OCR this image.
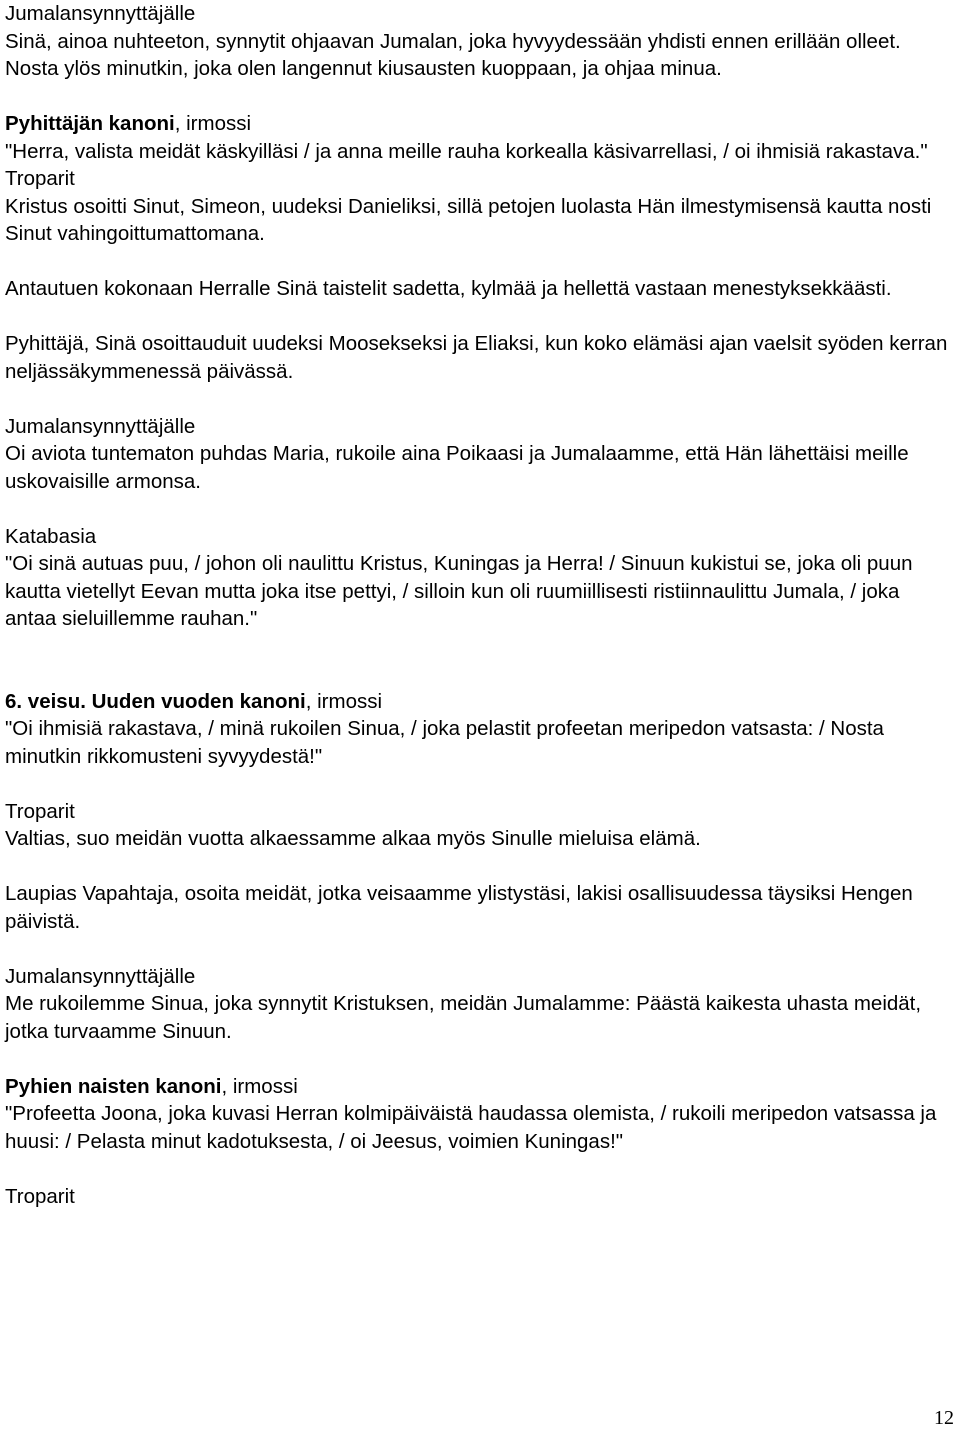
Jumalansynnyttäjälle
Sinä, ainoa nuhteeton, synnytit ohjaavan Jumalan, joka hyvyydessään yhdisti ennen erillään olleet. Nosta ylös minutkin, joka olen langennut kiusausten kuoppaan, ja ohjaa minua.
Pyhittäjän kanoni, irmossi
"Herra, valista meidät käskyilläsi / ja anna meille rauha korkealla käsivarrellasi, / oi ihmisiä rakastava."
Troparit
Kristus osoitti Sinut, Simeon, uudeksi Danieliksi, sillä petojen luolasta Hän ilmestymisensä kautta nosti Sinut vahingoittumattomana.
Antautuen kokonaan Herralle Sinä taistelit sadetta, kylmää ja hellettä vastaan menestyksekkäästi.
Pyhittäjä, Sinä osoittauduit uudeksi Moosekseksi ja Eliaksi, kun koko elämäsi ajan vaelsit syöden kerran neljässäkymmenessä päivässä.
Jumalansynnyttäjälle
Oi aviota tuntematon puhdas Maria, rukoile aina Poikaasi ja Jumalaamme, että Hän lähettäisi meille uskovaisille armonsa.
Katabasia
"Oi sinä autuas puu, / johon oli naulittu Kristus, Kuningas ja Herra! / Sinuun kukistui se, joka oli puun kautta vietellyt Eevan mutta joka itse pettyi, / silloin kun oli ruumiillisesti ristiinnaulittu Jumala, / joka antaa sieluillemme rauhan."
6. veisu. Uuden vuoden kanoni, irmossi
"Oi ihmisiä rakastava, / minä rukoilen Sinua, / joka pelastit profeetan meripedon vatsasta: / Nosta minutkin rikkomusteni syvyydestä!"
Troparit
Valtias, suo meidän vuotta alkaessamme alkaa myös Sinulle mieluisa elämä.
Laupias Vapahtaja, osoita meidät, jotka veisaamme ylistystäsi, lakisi osallisuudessa täysiksi Hengen päivistä.
Jumalansynnyttäjälle
Me rukoilemme Sinua, joka synnytit Kristuksen, meidän Jumalamme: Päästä kaikesta uhasta meidät, jotka turvaamme Sinuun.
Pyhien naisten kanoni, irmossi
"Profeetta Joona, joka kuvasi Herran kolmipäiväistä haudassa olemista, / rukoili meripedon vatsassa ja huusi: / Pelasta minut kadotuksesta, / oi Jeesus, voimien Kuningas!"
Troparit
12
